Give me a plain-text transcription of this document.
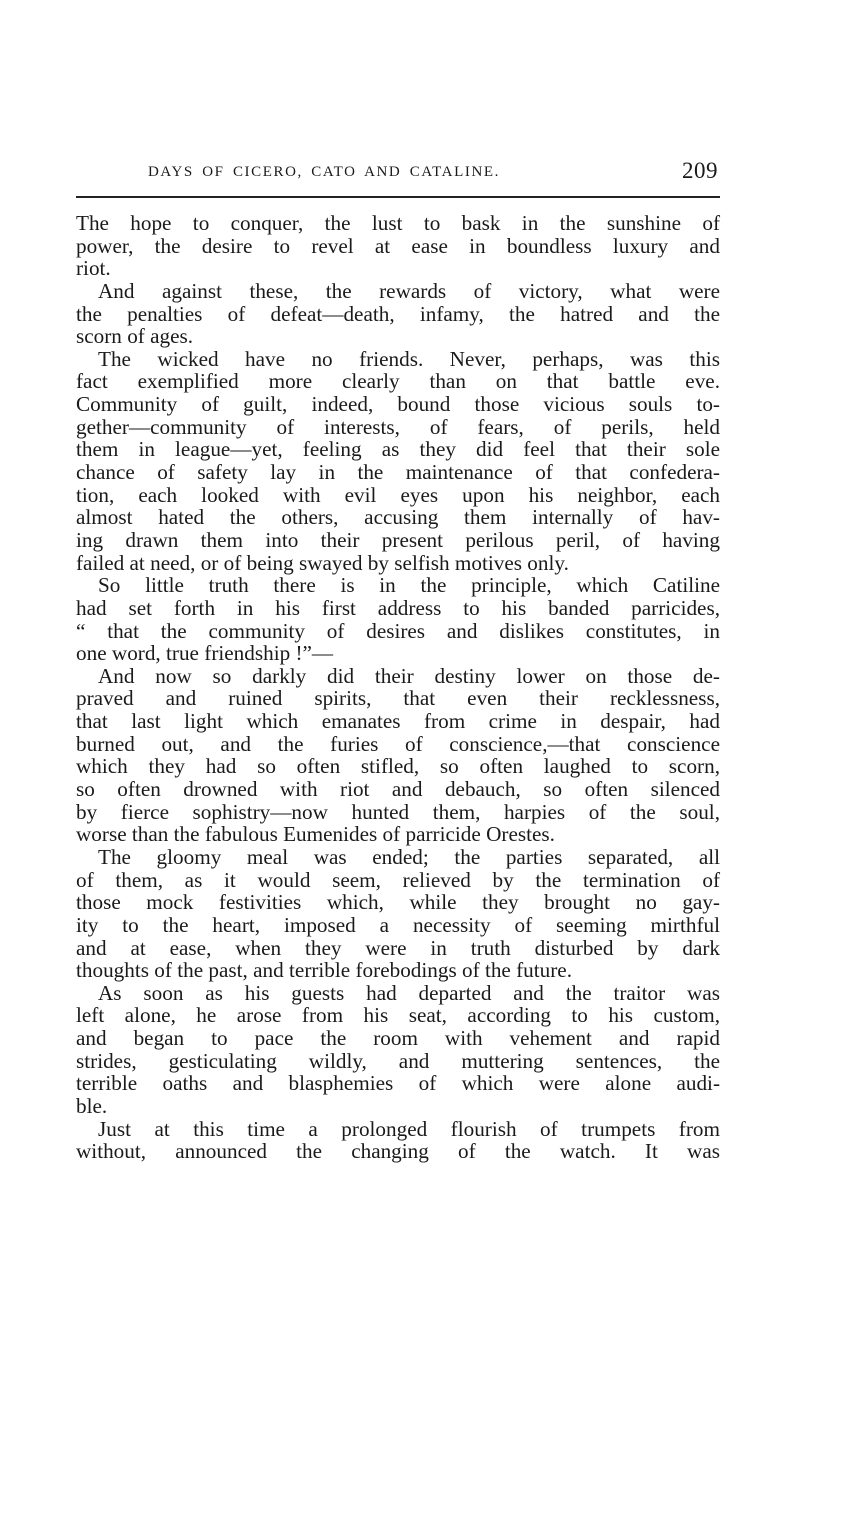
DAYS OF CICERO, CATO AND CATALINE.	209
The hope to conquer, the lust to bask in the sunshine of
power, the desire to revel at ease in boundless luxury and
riot.
And against these, the rewards of victory, what were
the penalties of defeat—death, infamy, the hatred and the
scorn of ages.
The wicked have no friends. Never, perhaps, was this
fact exemplified more clearly than on that battle eve.
Community of guilt, indeed, bound those vicious souls to-
gether—community of interests, of fears, of perils, held
them in league—yet, feeling as they did feel that their sole
chance of safety lay in the maintenance of that confedera-
tion, each looked with evil eyes upon his neighbor, each
almost hated the others, accusing them internally of hav-
ing drawn them into their present perilous peril, of having
failed at need, or of being swayed by selfish motives only.
So little truth there is in the principle, which Catiline
had set forth in his first address to his banded parricides,
“ that the community of desires and dislikes constitutes, in
one word, true friendship !”—
And now so darkly did their destiny lower on those de-
praved and ruined spirits, that even their recklessness,
that last light which emanates from crime in despair, had
burned out, and the furies of conscience,—that conscience
which they had so often stifled, so often laughed to scorn,
so often drowned with riot and debauch, so often silenced
by fierce sophistry—now hunted them, harpies of the soul,
worse than the fabulous Eumenides of parricide Orestes.
The gloomy meal was ended; the parties separated, all
of them, as it would seem, relieved by the termination of
those mock festivities which, while they brought no gay-
ity to the heart, imposed a necessity of seeming mirthful
and at ease, when they were in truth disturbed by dark
thoughts of the past, and terrible forebodings of the future.
As soon as his guests had departed and the traitor was
left alone, he arose from his seat, according to his custom,
and began to pace the room with vehement and rapid
strides, gesticulating wildly, and muttering sentences, the
terrible oaths and blasphemies of which were alone audi-
ble.
Just at this time a prolonged flourish of trumpets from
without, announced the changing of the watch. It was
